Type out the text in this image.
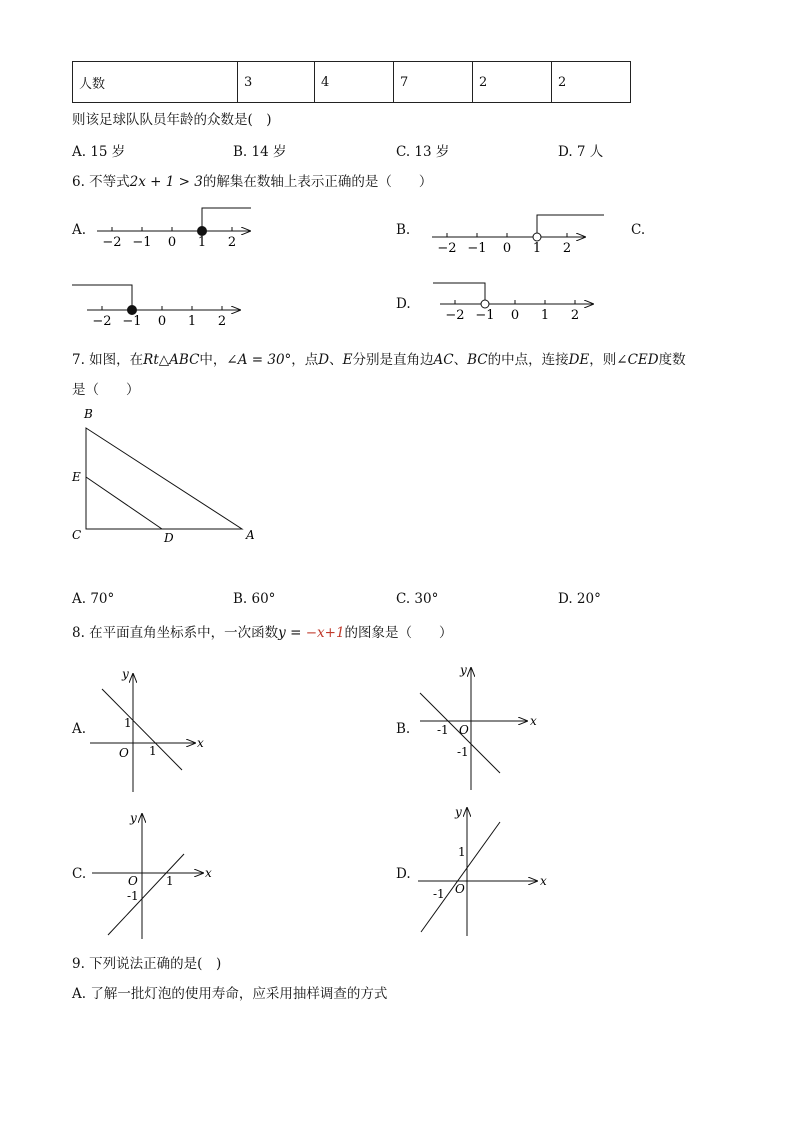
人数	3	4	7	2	2
则该足球队队员年龄的众数是(　)
A. 15 岁	B. 14 岁	C. 13 岁	D. 7 人
6. 不等式2x + 1 > 3的解集在数轴上表示正确的是（　　）
A.	B.	C.
D.
−2 −1 0 1 2	−2 −1 0 1 2
−2 −1 0 1 2	−2 −1 0 1 2
7. 如图，在Rt△ABC中，∠A = 30°，点D、E分别是直角边AC、BC的中点，连接DE，则∠CED度数
是（　　）
B
E
C	D	A
A. 70°	B. 60°	C. 30°	D. 20°
8. 在平面直角坐标系中，一次函数y = −x+1的图象是（　　）
A.	B.
C.	D.
x
y
O
1
1
x
y
O
-1
-1
x
y
O 1
-1
x
y
O
1
-1
9. 下列说法正确的是(　)
A. 了解一批灯泡的使用寿命，应采用抽样调查的方式
